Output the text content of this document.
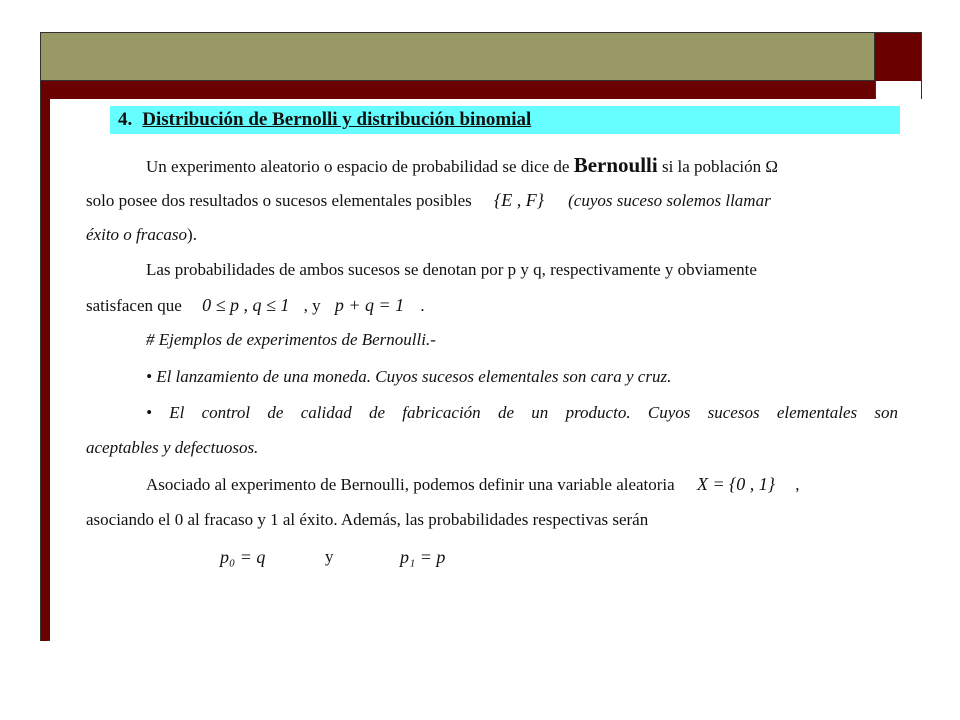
4. Distribución de Bernolli y distribución binomial
Un experimento aleatorio o espacio de probabilidad se dice de Bernoulli si la población Ω
solo posee dos resultados o sucesos elementales posibles {E , F} (cuyos suceso solemos llamar
éxito o fracaso).
Las probabilidades de ambos sucesos se denotan por p y q, respectivamente y obviamente
satisfacen que 0 ≤ p , q ≤ 1 , y p + q = 1 .
# Ejemplos de experimentos de Bernoulli.-
• El lanzamiento de una moneda. Cuyos sucesos elementales son cara y cruz.
• El control de calidad de fabricación de un producto. Cuyos sucesos elementales son
aceptables y defectuosos.
Asociado al experimento de Bernoulli, podemos definir una variable aleatoria X = {0 , 1} ,
asociando el 0 al fracaso y 1 al éxito. Además, las probabilidades respectivas serán
p₀ = q	y	p₁ = p
